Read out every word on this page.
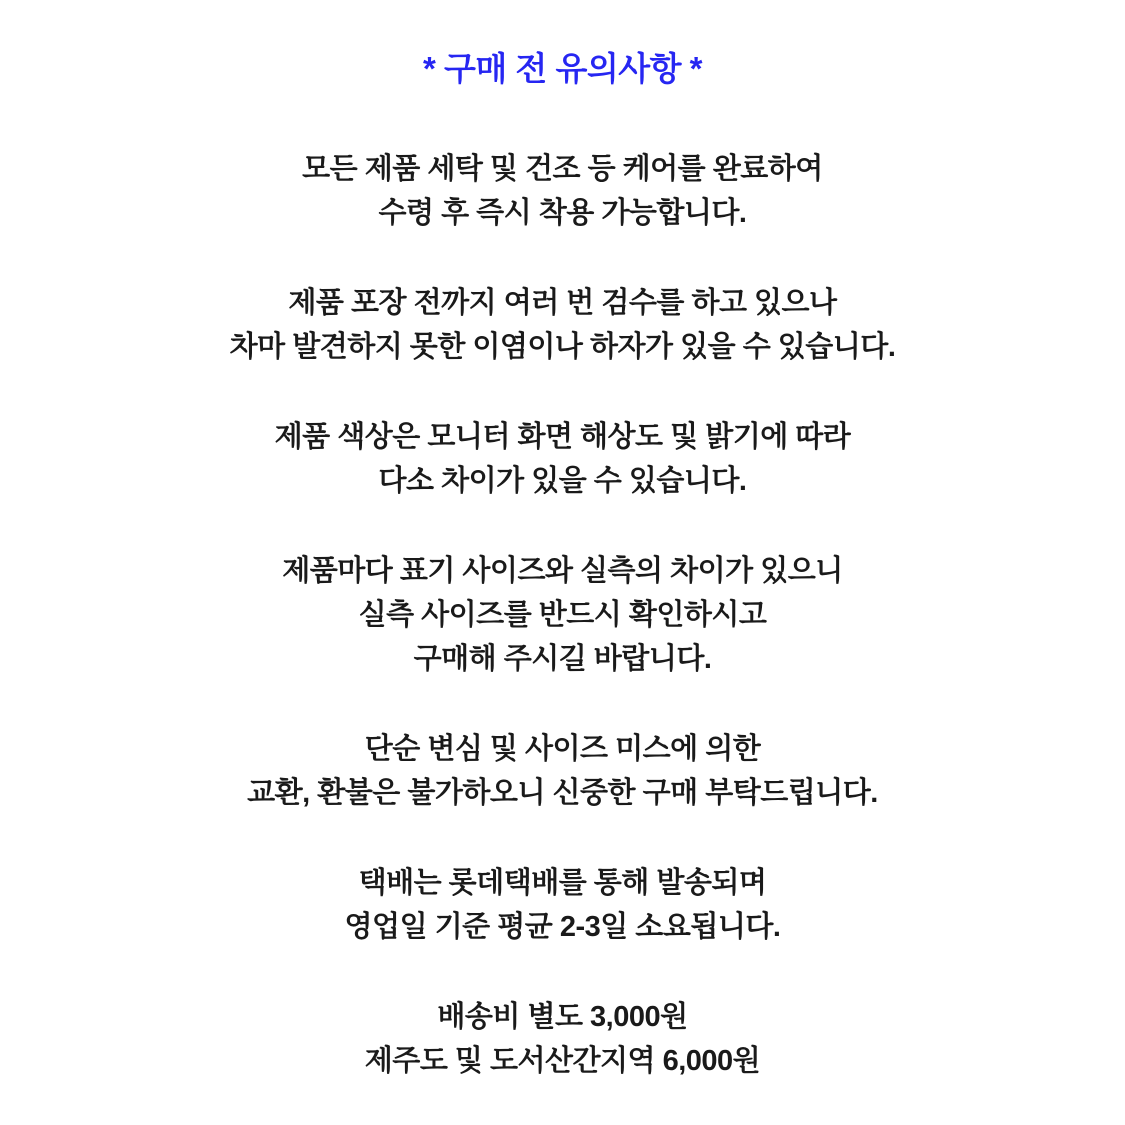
* 구매 전 유의사항 *

모든 제품 세탁 및 건조 등 케어를 완료하여
수령 후 즉시 착용 가능합니다.

제품 포장 전까지 여러 번 검수를 하고 있으나
차마 발견하지 못한 이염이나 하자가 있을 수 있습니다.

제품 색상은 모니터 화면 해상도 및 밝기에 따라
다소 차이가 있을 수 있습니다.

제품마다 표기 사이즈와 실측의 차이가 있으니
실측 사이즈를 반드시 확인하시고
구매해 주시길 바랍니다.

단순 변심 및 사이즈 미스에 의한
교환, 환불은 불가하오니 신중한 구매 부탁드립니다.

택배는 롯데택배를 통해 발송되며
영업일 기준 평균 2-3일 소요됩니다.

배송비 별도 3,000원
제주도 및 도서산간지역 6,000원
